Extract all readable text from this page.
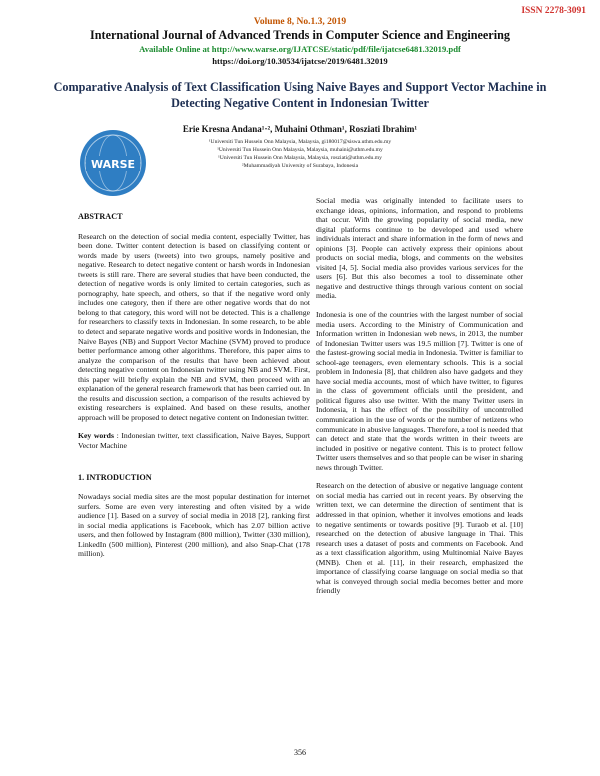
ISSN 2278-3091
Volume 8, No.1.3, 2019
International Journal of Advanced Trends in Computer Science and Engineering
Available Online at http://www.warse.org/IJATCSE/static/pdf/file/ijatcse6481.32019.pdf
https://doi.org/10.30534/ijatcse/2019/6481.32019
Comparative Analysis of Text Classification Using Naive Bayes and Support Vector Machine in Detecting Negative Content in Indonesian Twitter
WARSE
Erie Kresna Andana¹·², Muhaini Othman¹, Rosziati Ibrahim¹
¹Universiti Tun Hussein Onn Malaysia, Malaysia, gi180017@siswa.uthm.edu.my
¹Universiti Tun Hussein Onn Malaysia, Malaysia, muhaini@uthm.edu.my
¹Universiti Tun Hussein Onn Malaysia, Malaysia, rosziati@uthm.edu.my
²Muhammadiyah University of Surabaya, Indonesia

ABSTRACT

Research on the detection of social media content, especially Twitter, has been done. Twitter content detection is based on classifying content or words made by users (tweets) into two groups, namely positive and negative. Research to detect negative content or harsh words in Indonesian tweets is still rare. There are several studies that have been conducted, the detection of negative words is only limited to certain categories, such as pornography, hate speech, and others, so that if the negative word only includes one category, then if there are other negative words that do not belong to that category, this word will not be detected. This is a challenge for researchers to classify texts in Indonesian. In some research, to be able to detect and separate negative words and positive words in Indonesian, the Naive Bayes (NB) and Support Vector Machine (SVM) proved to produce better performance among other algorithms. Therefore, this paper aims to analyze the comparison of the results that have been achieved about detecting negative content on Indonesian twitter using NB and SVM. First, this paper will briefly explain the NB and SVM, then proceed with an explanation of the general research framework that has been carried out. In the results and discussion section, a comparison of the results achieved by existing researchers is explained. And based on these results, another approach will be proposed to detect negative content on Indonesian twitter.

Key words : Indonesian twitter, text classification, Naive Bayes, Support Vector Machine

1. INTRODUCTION

Nowadays social media sites are the most popular destination for internet surfers. Some are even very interesting and often visited by a wide audience [1]. Based on a survey of social media in 2018 [2], ranking first in social media applications is Facebook, which has 2.07 billion active users, and then followed by Instagram (800 million), Twitter (330 million), LinkedIn (500 million), Pinterest (200 million), and also Snap-Chat (178 million).

Social media was originally intended to facilitate users to exchange ideas, opinions, information, and respond to problems that occur. With the growing popularity of social media, new digital platforms continue to be developed and used where individuals interact and share information in the form of news and opinions [3]. People can actively express their opinions about products on social media, blogs, and comments on the websites visited [4, 5]. Social media also provides various services for the users [6]. But this also becomes a tool to disseminate other negative and destructive things through various content on social media.

Indonesia is one of the countries with the largest number of social media users. According to the Ministry of Communication and Information written in Indonesian web news, in 2013, the number of Indonesian Twitter users was 19.5 million [7]. Twitter is one of the fastest-growing social media in Indonesia. Twitter is familiar to school-age teenagers, even elementary schools. This is a social problem in Indonesia [8], that children also have gadgets and they have social media accounts, most of which have twitter, to figures in the class of government officials until the president, and political figures also use twitter. With the many Twitter users in Indonesia, it has the effect of the possibility of uncontrolled communication in the use of words or the number of netizens who communicate in abusive languages. Therefore, a tool is needed that can detect and state that the words written in their tweets are included in positive or negative content. This is to protect fellow Twitter users themselves and so that people can be wiser in sharing news through Twitter.

Research on the detection of abusive or negative language content on social media has carried out in recent years. By observing the written text, we can determine the direction of sentiment that is addressed in that opinion, whether it involves emotions and leads to negative sentiments or towards positive [9]. Turaob et al. [10] researched on the detection of abusive language in Thai. This research uses a dataset of posts and comments on Facebook. And as a text classification algorithm, using Multinomial Naive Bayes (MNB). Chen et al. [11], in their research, emphasized the importance of classifying coarse language on social media so that what is conveyed through social media becomes better and more friendly

356
